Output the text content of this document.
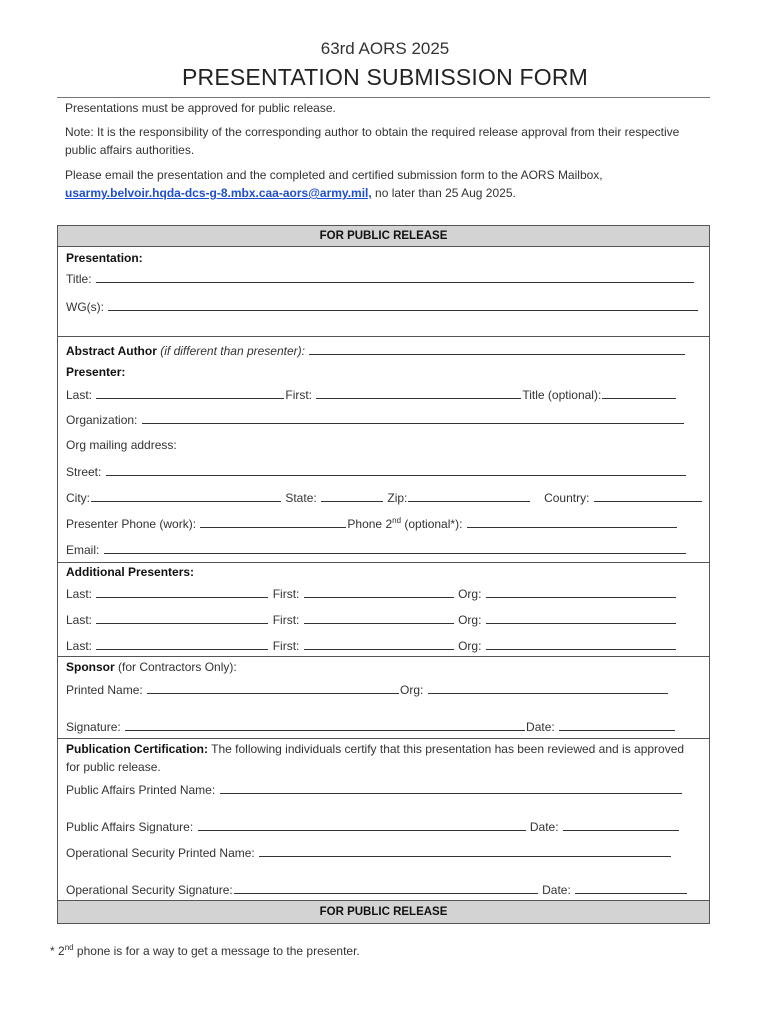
63rd AORS 2025
PRESENTATION SUBMISSION FORM
Presentations must be approved for public release.
Note: It is the responsibility of the corresponding author to obtain the required release approval from their respective public affairs authorities.
Please email the presentation and the completed and certified submission form to the AORS Mailbox,
usarmy.belvoir.hqda-dcs-g-8.mbx.caa-aors@army.mil, no later than 25 Aug 2025.
FOR PUBLIC RELEASE
Presentation:
Title:
WG(s):
Abstract Author (if different than presenter):
Presenter:
Last:	First:	Title (optional):
Organization:
Org mailing address:
Street:
City:	State:	Zip:	Country:
Presenter Phone (work):	Phone 2nd (optional*):
Email:
Additional Presenters:
Last:	First:	Org:
Last:	First:	Org:
Last:	First:	Org:
Sponsor (for Contractors Only):
Printed Name:	Org:
Signature:	Date:
Publication Certification: The following individuals certify that this presentation has been reviewed and is approved
for public release.
Public Affairs Printed Name:
Public Affairs Signature:	Date:
Operational Security Printed Name:
Operational Security Signature:	Date:
FOR PUBLIC RELEASE
* 2nd phone is for a way to get a message to the presenter.
